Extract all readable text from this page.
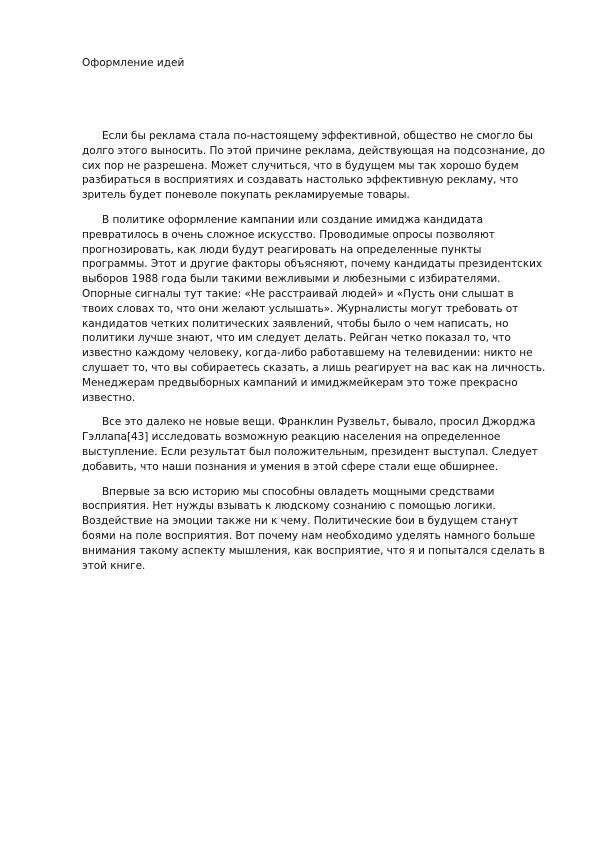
Оформление идей

Если бы реклама стала по-настоящему эффективной, общество не смогло бы долго этого выносить. По этой причине реклама, действующая на подсознание, до сих пор не разрешена. Может случиться, что в будущем мы так хорошо будем разбираться в восприятиях и создавать настолько эффективную рекламу, что зритель будет поневоле покупать рекламируемые товары.

В политике оформление кампании или создание имиджа кандидата превратилось в очень сложное искусство. Проводимые опросы позволяют прогнозировать, как люди будут реагировать на определенные пункты программы. Этот и другие факторы объясняют, почему кандидаты президентских выборов 1988 года были такими вежливыми и любезными с избирателями. Опорные сигналы тут такие: «Не расстраивай людей» и «Пусть они слышат в твоих словах то, что они желают услышать». Журналисты могут требовать от кандидатов четких политических заявлений, чтобы было о чем написать, но политики лучше знают, что им следует делать. Рейган четко показал то, что известно каждому человеку, когда-либо работавшему на телевидении: никто не слушает то, что вы собираетесь сказать, а лишь реагирует на вас как на личность. Менеджерам предвыборных кампаний и имиджмейкерам это тоже прекрасно известно.

Все это далеко не новые вещи. Франклин Рузвельт, бывало, просил Джорджа Гэллапа[43] исследовать возможную реакцию населения на определенное выступление. Если результат был положительным, президент выступал. Следует добавить, что наши познания и умения в этой сфере стали еще обширнее.

Впервые за всю историю мы способны овладеть мощными средствами восприятия. Нет нужды взывать к людскому сознанию с помощью логики. Воздействие на эмоции также ни к чему. Политические бои в будущем станут боями на поле восприятия. Вот почему нам необходимо уделять намного больше внимания такому аспекту мышления, как восприятие, что я и попытался сделать в этой книге.
